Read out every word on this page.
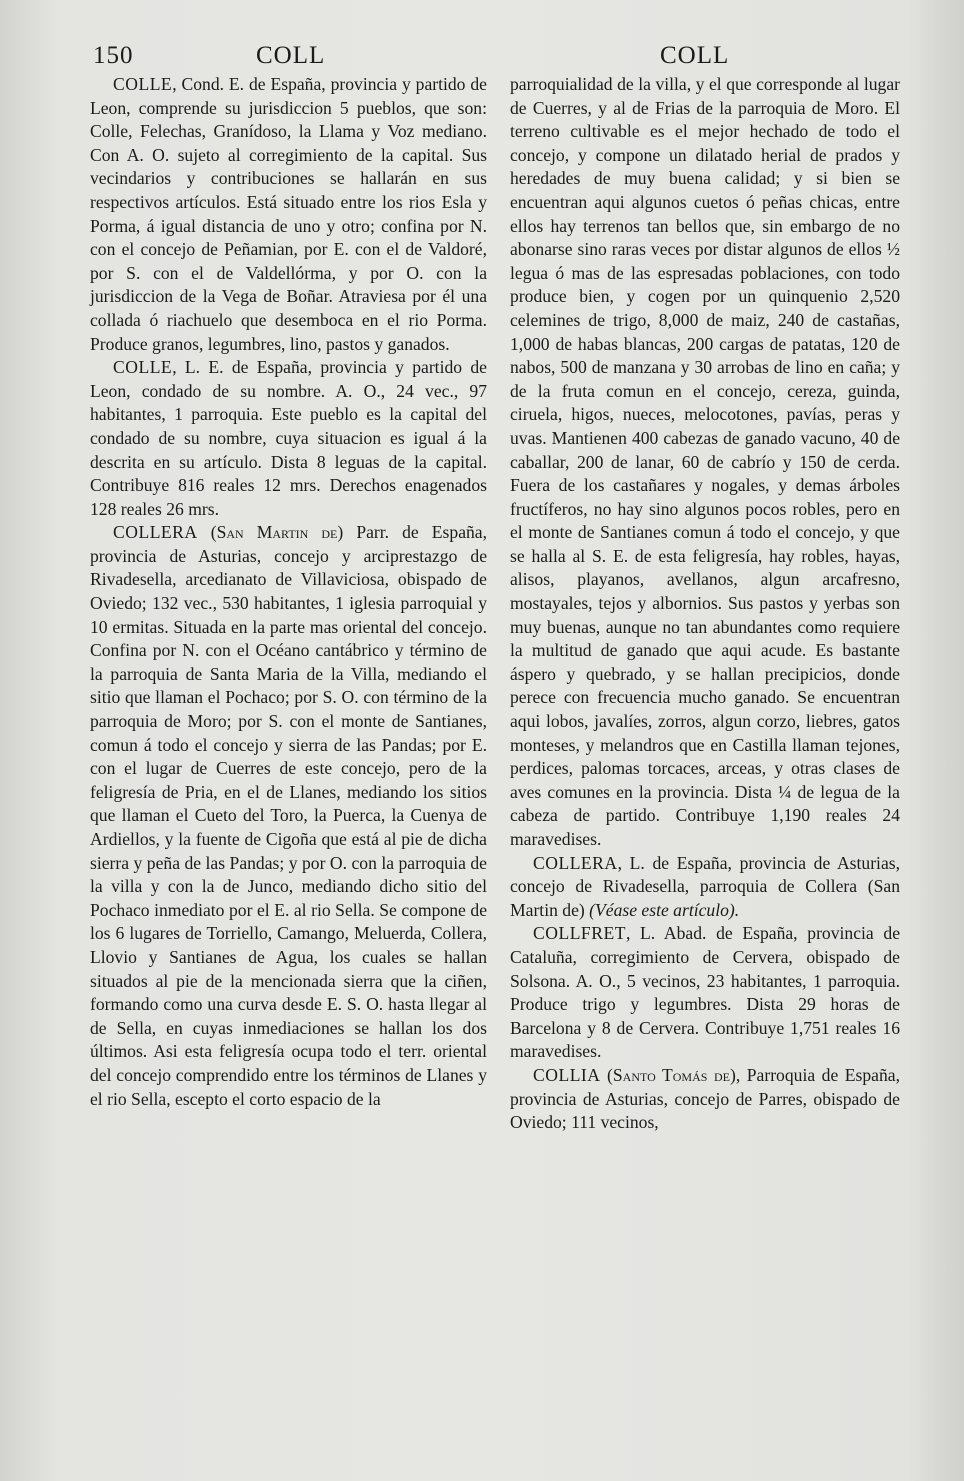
150	COLL	COLL

COLLE, Cond. E. de España, provincia y partido de Leon, comprende su jurisdiccion 5 pueblos, que son: Colle, Felechas, Granídoso, la Llama y Voz mediano. Con A. O. sujeto al corregimiento de la capital. Sus vecindarios y contribuciones se hallarán en sus respectivos artículos. Está situado entre los rios Esla y Porma, á igual distancia de uno y otro; confina por N. con el concejo de Peñamian, por E. con el de Valdoré, por S. con el de Valdellórma, y por O. con la jurisdiccion de la Vega de Boñar. Atraviesa por él una collada ó riachuelo que desemboca en el rio Porma. Produce granos, legumbres, lino, pastos y ganados.

COLLE, L. E. de España, provincia y partido de Leon, condado de su nombre. A. O., 24 vec., 97 habitantes, 1 parroquia. Este pueblo es la capital del condado de su nombre, cuya situacion es igual á la descrita en su artículo. Dista 8 leguas de la capital. Contribuye 816 reales 12 mrs. Derechos enagenados 128 reales 26 mrs.

COLLERA (San Martin de) Parr. de España, provincia de Asturias, concejo y arciprestazgo de Rivadesella, arcedianato de Villaviciosa, obispado de Oviedo; 132 vec., 530 habitantes, 1 iglesia parroquial y 10 ermitas. Situada en la parte mas oriental del concejo. Confina por N. con el Océano cantábrico y término de la parroquia de Santa Maria de la Villa, mediando el sitio que llaman el Pochaco; por S. O. con término de la parroquia de Moro; por S. con el monte de Santianes, comun á todo el concejo y sierra de las Pandas; por E. con el lugar de Cuerres de este concejo, pero de la feligresía de Pria, en el de Llanes, mediando los sitios que llaman el Cueto del Toro, la Puerca, la Cuenya de Ardiellos, y la fuente de Cigoña que está al pie de dicha sierra y peña de las Pandas; y por O. con la parroquia de la villa y con la de Junco, mediando dicho sitio del Pochaco inmediato por el E. al rio Sella. Se compone de los 6 lugares de Torriello, Camango, Meluerda, Collera, Llovio y Santianes de Agua, los cuales se hallan situados al pie de la mencionada sierra que la ciñen, formando como una curva desde E. S. O. hasta llegar al de Sella, en cuyas inmediaciones se hallan los dos últimos. Asi esta feligresía ocupa todo el terr. oriental del concejo comprendido entre los términos de Llanes y el rio Sella, escepto el corto espacio de la

parroquialidad de la villa, y el que corresponde al lugar de Cuerres, y al de Frias de la parroquia de Moro. El terreno cultivable es el mejor hechado de todo el concejo, y compone un dilatado herial de prados y heredades de muy buena calidad; y si bien se encuentran aqui algunos cuetos ó peñas chicas, entre ellos hay terrenos tan bellos que, sin embargo de no abonarse sino raras veces por distar algunos de ellos ½ legua ó mas de las espresadas poblaciones, con todo produce bien, y cogen por un quinquenio 2,520 celemines de trigo, 8,000 de maiz, 240 de castañas, 1,000 de habas blancas, 200 cargas de patatas, 120 de nabos, 500 de manzana y 30 arrobas de lino en caña; y de la fruta comun en el concejo, cereza, guinda, ciruela, higos, nueces, melocotones, pavías, peras y uvas. Mantienen 400 cabezas de ganado vacuno, 40 de caballar, 200 de lanar, 60 de cabrío y 150 de cerda. Fuera de los castañares y nogales, y demas árboles fructíferos, no hay sino algunos pocos robles, pero en el monte de Santianes comun á todo el concejo, y que se halla al S. E. de esta feligresía, hay robles, hayas, alisos, playanos, avellanos, algun arcafresno, mostayales, tejos y albornios. Sus pastos y yerbas son muy buenas, aunque no tan abundantes como requiere la multitud de ganado que aqui acude. Es bastante áspero y quebrado, y se hallan precipicios, donde perece con frecuencia mucho ganado. Se encuentran aqui lobos, javalíes, zorros, algun corzo, liebres, gatos monteses, y melandros que en Castilla llaman tejones, perdices, palomas torcaces, arceas, y otras clases de aves comunes en la provincia. Dista ¼ de legua de la cabeza de partido. Contribuye 1,190 reales 24 maravedises.

COLLERA, L. de España, provincia de Asturias, concejo de Rivadesella, parroquia de Collera (San Martin de) (Véase este artículo).

COLLFRET, L. Abad. de España, provincia de Cataluña, corregimiento de Cervera, obispado de Solsona. A. O., 5 vecinos, 23 habitantes, 1 parroquia. Produce trigo y legumbres. Dista 29 horas de Barcelona y 8 de Cervera. Contribuye 1,751 reales 16 maravedises.

COLLIA (Santo Tomás de), Parroquia de España, provincia de Asturias, concejo de Parres, obispado de Oviedo; 111 vecinos,
